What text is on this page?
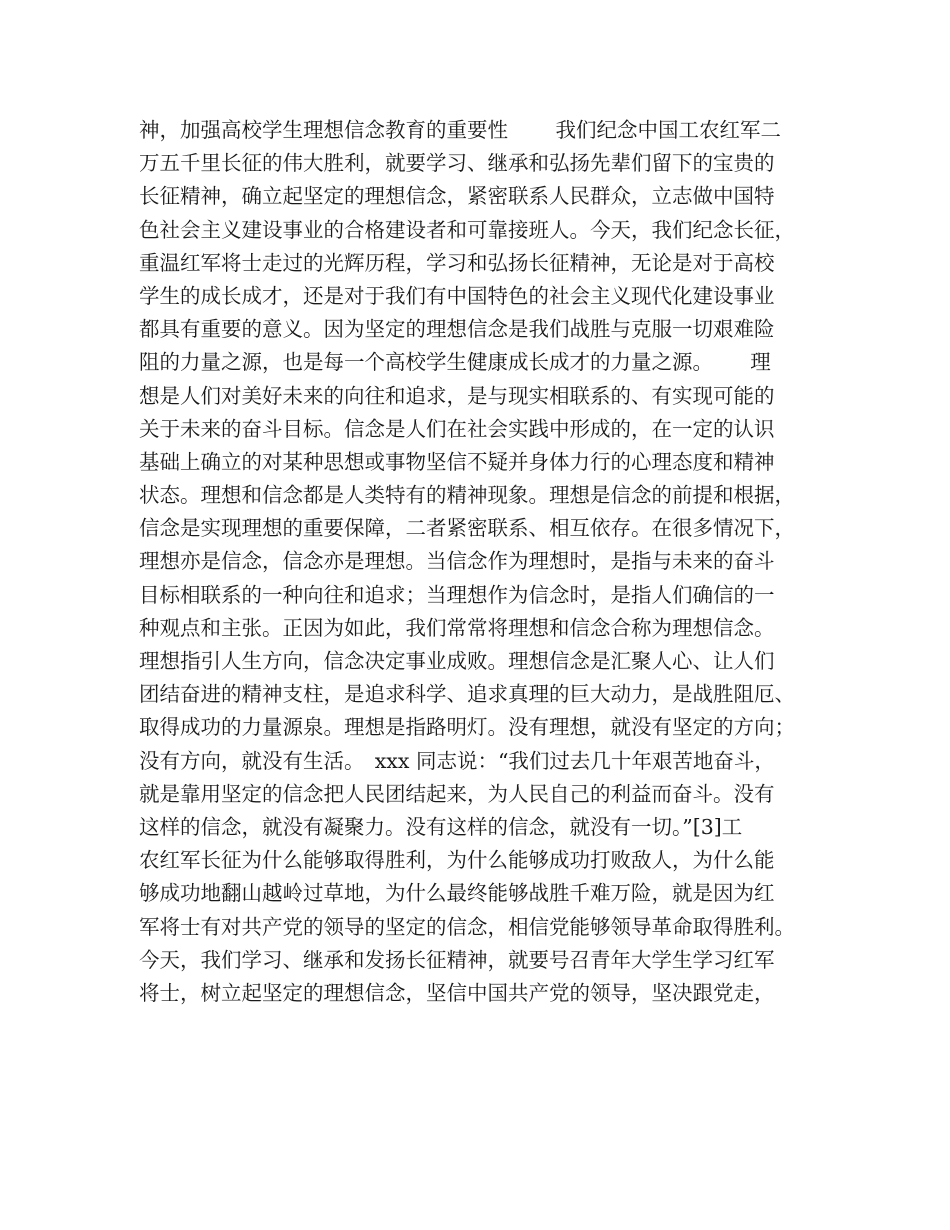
神，加强高校学生理想信念教育的重要性　　 我们纪念中国工农红军二
万五千里长征的伟大胜利，就要学习、继承和弘扬先辈们留下的宝贵的
长征精神，确立起坚定的理想信念，紧密联系人民群众，立志做中国特
色社会主义建设事业的合格建设者和可靠接班人。今天，我们纪念长征，
重温红军将士走过的光辉历程，学习和弘扬长征精神，无论是对于高校
学生的成长成才，还是对于我们有中国特色的社会主义现代化建设事业
都具有重要的意义。因为坚定的理想信念是我们战胜与克服一切艰难险
阻的力量之源，也是每一个高校学生健康成长成才的力量之源。　　 理
想是人们对美好未来的向往和追求，是与现实相联系的、有实现可能的
关于未来的奋斗目标。信念是人们在社会实践中形成的，在一定的认识
基础上确立的对某种思想或事物坚信不疑并身体力行的心理态度和精神
状态。理想和信念都是人类特有的精神现象。理想是信念的前提和根据，
信念是实现理想的重要保障，二者紧密联系、相互依存。在很多情况下，
理想亦是信念，信念亦是理想。当信念作为理想时，是指与未来的奋斗
目标相联系的一种向往和追求；当理想作为信念时，是指人们确信的一
种观点和主张。正因为如此，我们常常将理想和信念合称为理想信念。
理想指引人生方向，信念决定事业成败。理想信念是汇聚人心、让人们
团结奋进的精神支柱，是追求科学、追求真理的巨大动力，是战胜阻厄、
取得成功的力量源泉。理想是指路明灯。没有理想，就没有坚定的方向；
没有方向，就没有生活。　xxx 同志说：“我们过去几十年艰苦地奋斗，
就是靠用坚定的信念把人民团结起来，为人民自己的利益而奋斗。没有
这样的信念，就没有凝聚力。没有这样的信念，就没有一切。”[3]工
农红军长征为什么能够取得胜利，为什么能够成功打败敌人，为什么能
够成功地翻山越岭过草地，为什么最终能够战胜千难万险，就是因为红
军将士有对共产党的领导的坚定的信念，相信党能够领导革命取得胜利。
今天，我们学习、继承和发扬长征精神，就要号召青年大学生学习红军
将士，树立起坚定的理想信念，坚信中国共产党的领导，坚决跟党走，
